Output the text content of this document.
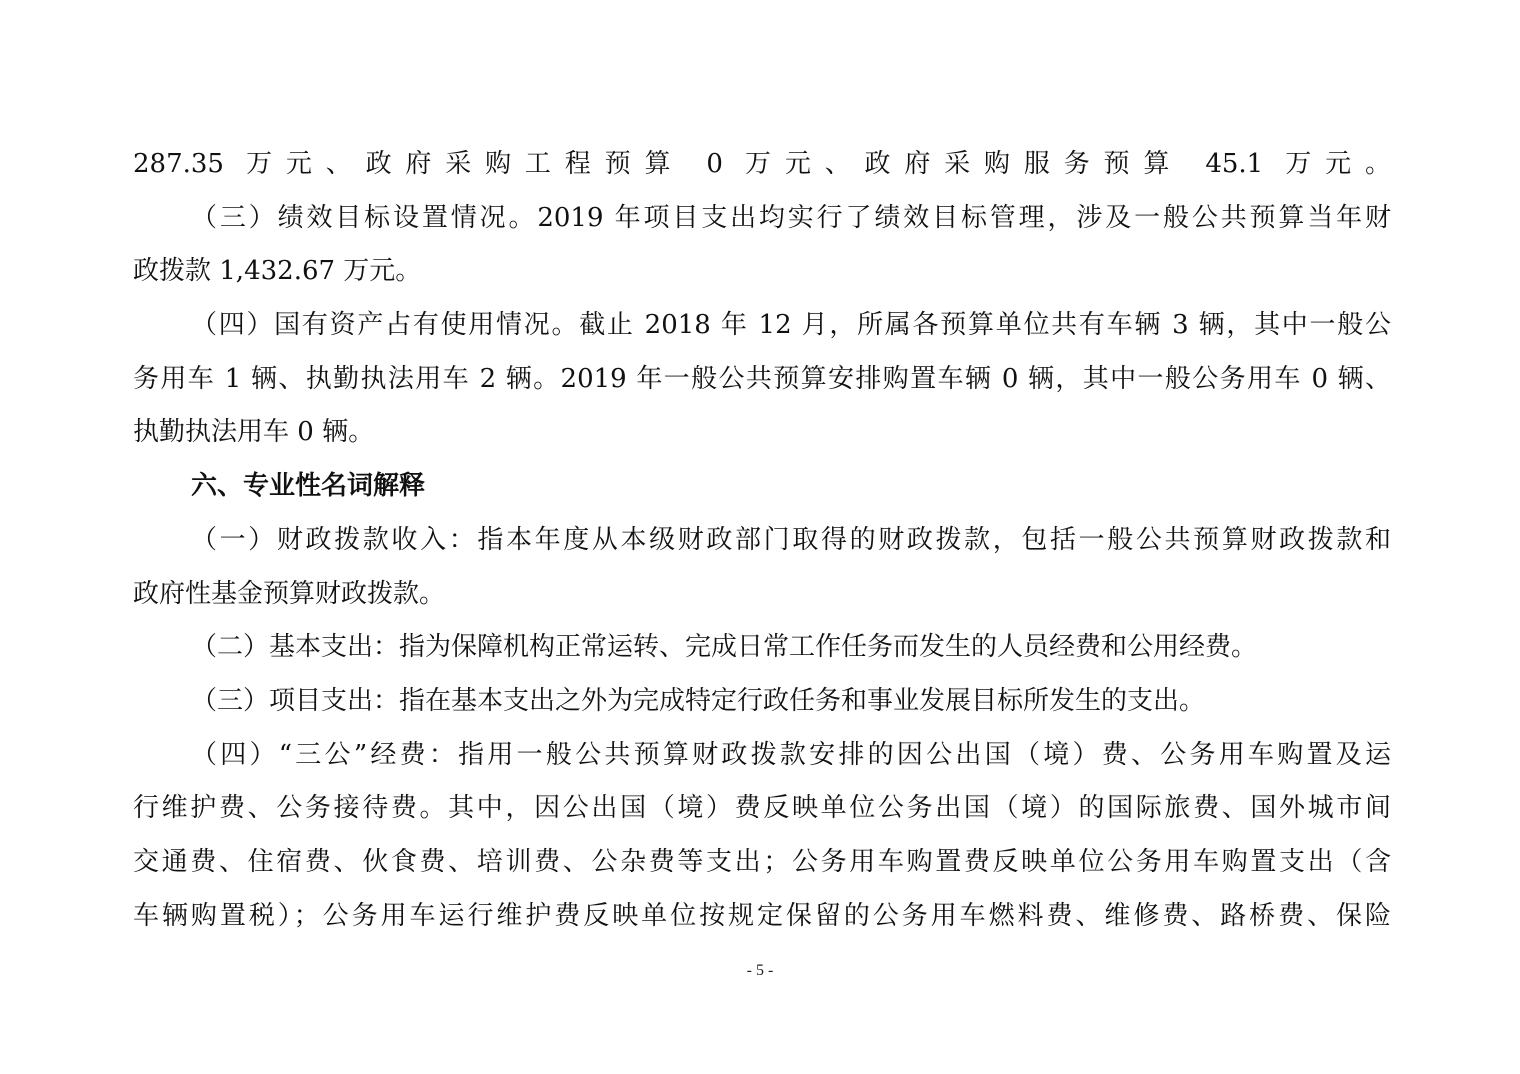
287.35 万元、政府采购工程预算 0 万元、政府采购服务预算 45.1 万元。
（三）绩效目标设置情况。2019 年项目支出均实行了绩效目标管理，涉及一般公共预算当年财
政拨款 1,432.67 万元。
（四）国有资产占有使用情况。截止 2018 年 12 月，所属各预算单位共有车辆 3 辆，其中一般公
务用车 1 辆、执勤执法用车 2 辆。2019 年一般公共预算安排购置车辆 0 辆，其中一般公务用车 0 辆、
执勤执法用车 0 辆。
六、专业性名词解释
（一）财政拨款收入：指本年度从本级财政部门取得的财政拨款，包括一般公共预算财政拨款和
政府性基金预算财政拨款。
（二）基本支出：指为保障机构正常运转、完成日常工作任务而发生的人员经费和公用经费。
（三）项目支出：指在基本支出之外为完成特定行政任务和事业发展目标所发生的支出。
（四）“三公”经费：指用一般公共预算财政拨款安排的因公出国（境）费、公务用车购置及运
行维护费、公务接待费。其中，因公出国（境）费反映单位公务出国（境）的国际旅费、国外城市间
交通费、住宿费、伙食费、培训费、公杂费等支出；公务用车购置费反映单位公务用车购置支出（含
车辆购置税）；公务用车运行维护费反映单位按规定保留的公务用车燃料费、维修费、路桥费、保险
- 5 -
